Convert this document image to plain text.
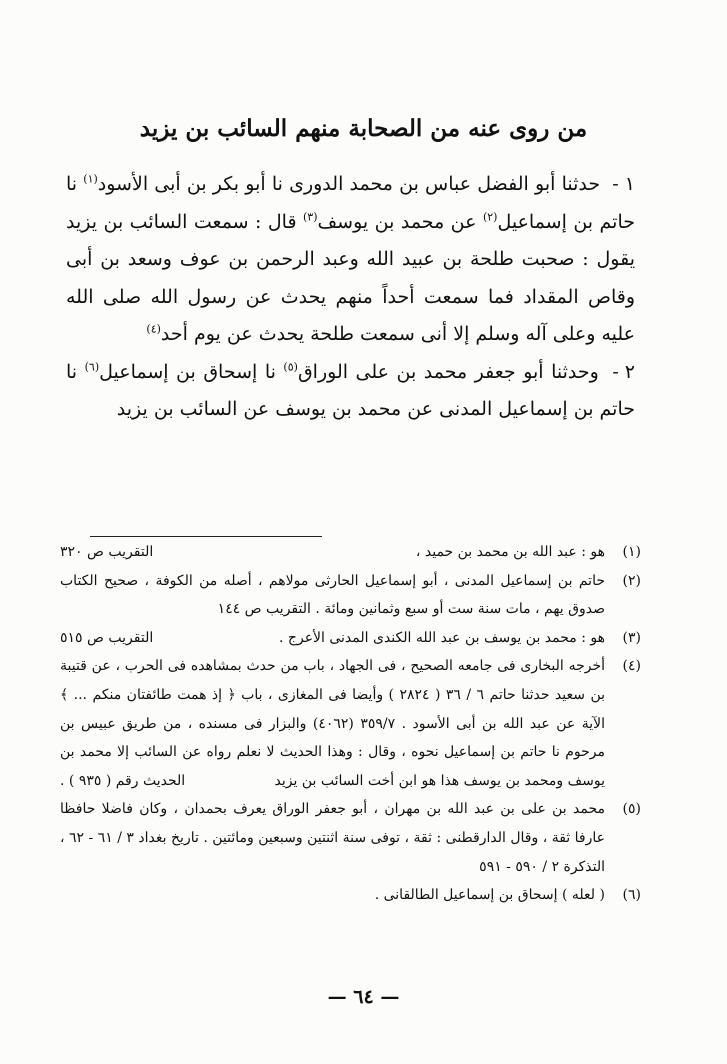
من روى عنه من الصحابة منهم السائب بن يزيد
١ - حدثنا أبو الفضل عباس بن محمد الدورى نا أبو بكر بن أبى الأسود$^{(١)}$ نا حاتم بن إسماعيل$^{(٢)}$ عن محمد بن يوسف$^{(٣)}$ قال : سمعت السائب بن يزيد يقول : صحبت طلحة بن عبيد الله وعبد الرحمن بن عوف وسعد بن أبى وقاص المقداد فما سمعت أحداً منهم يحدث عن رسول الله صلى الله عليه وعلى آله وسلم إلا أنى سمعت طلحة يحدث عن يوم أحد$^{(٤)}$
٢ - وحدثنا أبو جعفر محمد بن على الوراق$^{(٥)}$ نا إسحاق بن إسماعيل$^{(٦)}$ نا حاتم بن إسماعيل المدنى عن محمد بن يوسف عن السائب بن يزيد
(١)
التقريب ص ٣٢٠	هو : عبد الله بن محمد بن حميد ،
(٢)
حاتم بن إسماعيل المدنى ، أبو إسماعيل الحارثى مولاهم ، أصله من الكوفة ، صحيح الكتاب صدوق يهم ، مات سنة ست أو سبع وثمانين ومائة . التقريب ص ١٤٤
(٣)
التقريب ص ٥١٥	هو : محمد بن يوسف بن عبد الله الكندى المدنى الأعرج .
(٤)
أخرجه البخارى فى جامعه الصحيح ، فى الجهاد ، باب من حدث بمشاهده فى الحرب ، عن قتيبة بن سعيد حدثنا حاتم ٦ / ٣٦ ( ٢٨٢٤ ) وأيضا فى المغازى ، باب ﴿ إذ همت طائفتان منكم ... ﴾ الآية عن عبد الله بن أبى الأسود . ٣٥٩/٧ (٤٠٦٢) والبزار فى مسنده ، من طريق عبيس بن مرحوم نا حاتم بن إسماعيل نحوه ، وقال : وهذا الحديث لا نعلم رواه عن السائب إلا محمد بن يوسف ومحمد بن يوسف هذا هو ابن أخت السائب بن يزيد
الحديث رقم ( ٩٣٥ ) .
(٥)
محمد بن على بن عبد الله بن مهران ، أبو جعفر الوراق يعرف بحمدان ، وكان فاضلا حافظا عارفا ثقة ، وقال الدارقطنى : ثقة ، توفى سنة اثنتين وسبعين ومائتين . تاريخ بغداد ٣ / ٦١ - ٦٢ ، التذكرة ٢ / ٥٩٠ - ٥٩١
(٦)
( لعله ) إسحاق بن إسماعيل الطالقانى .
— ٦٤ —
